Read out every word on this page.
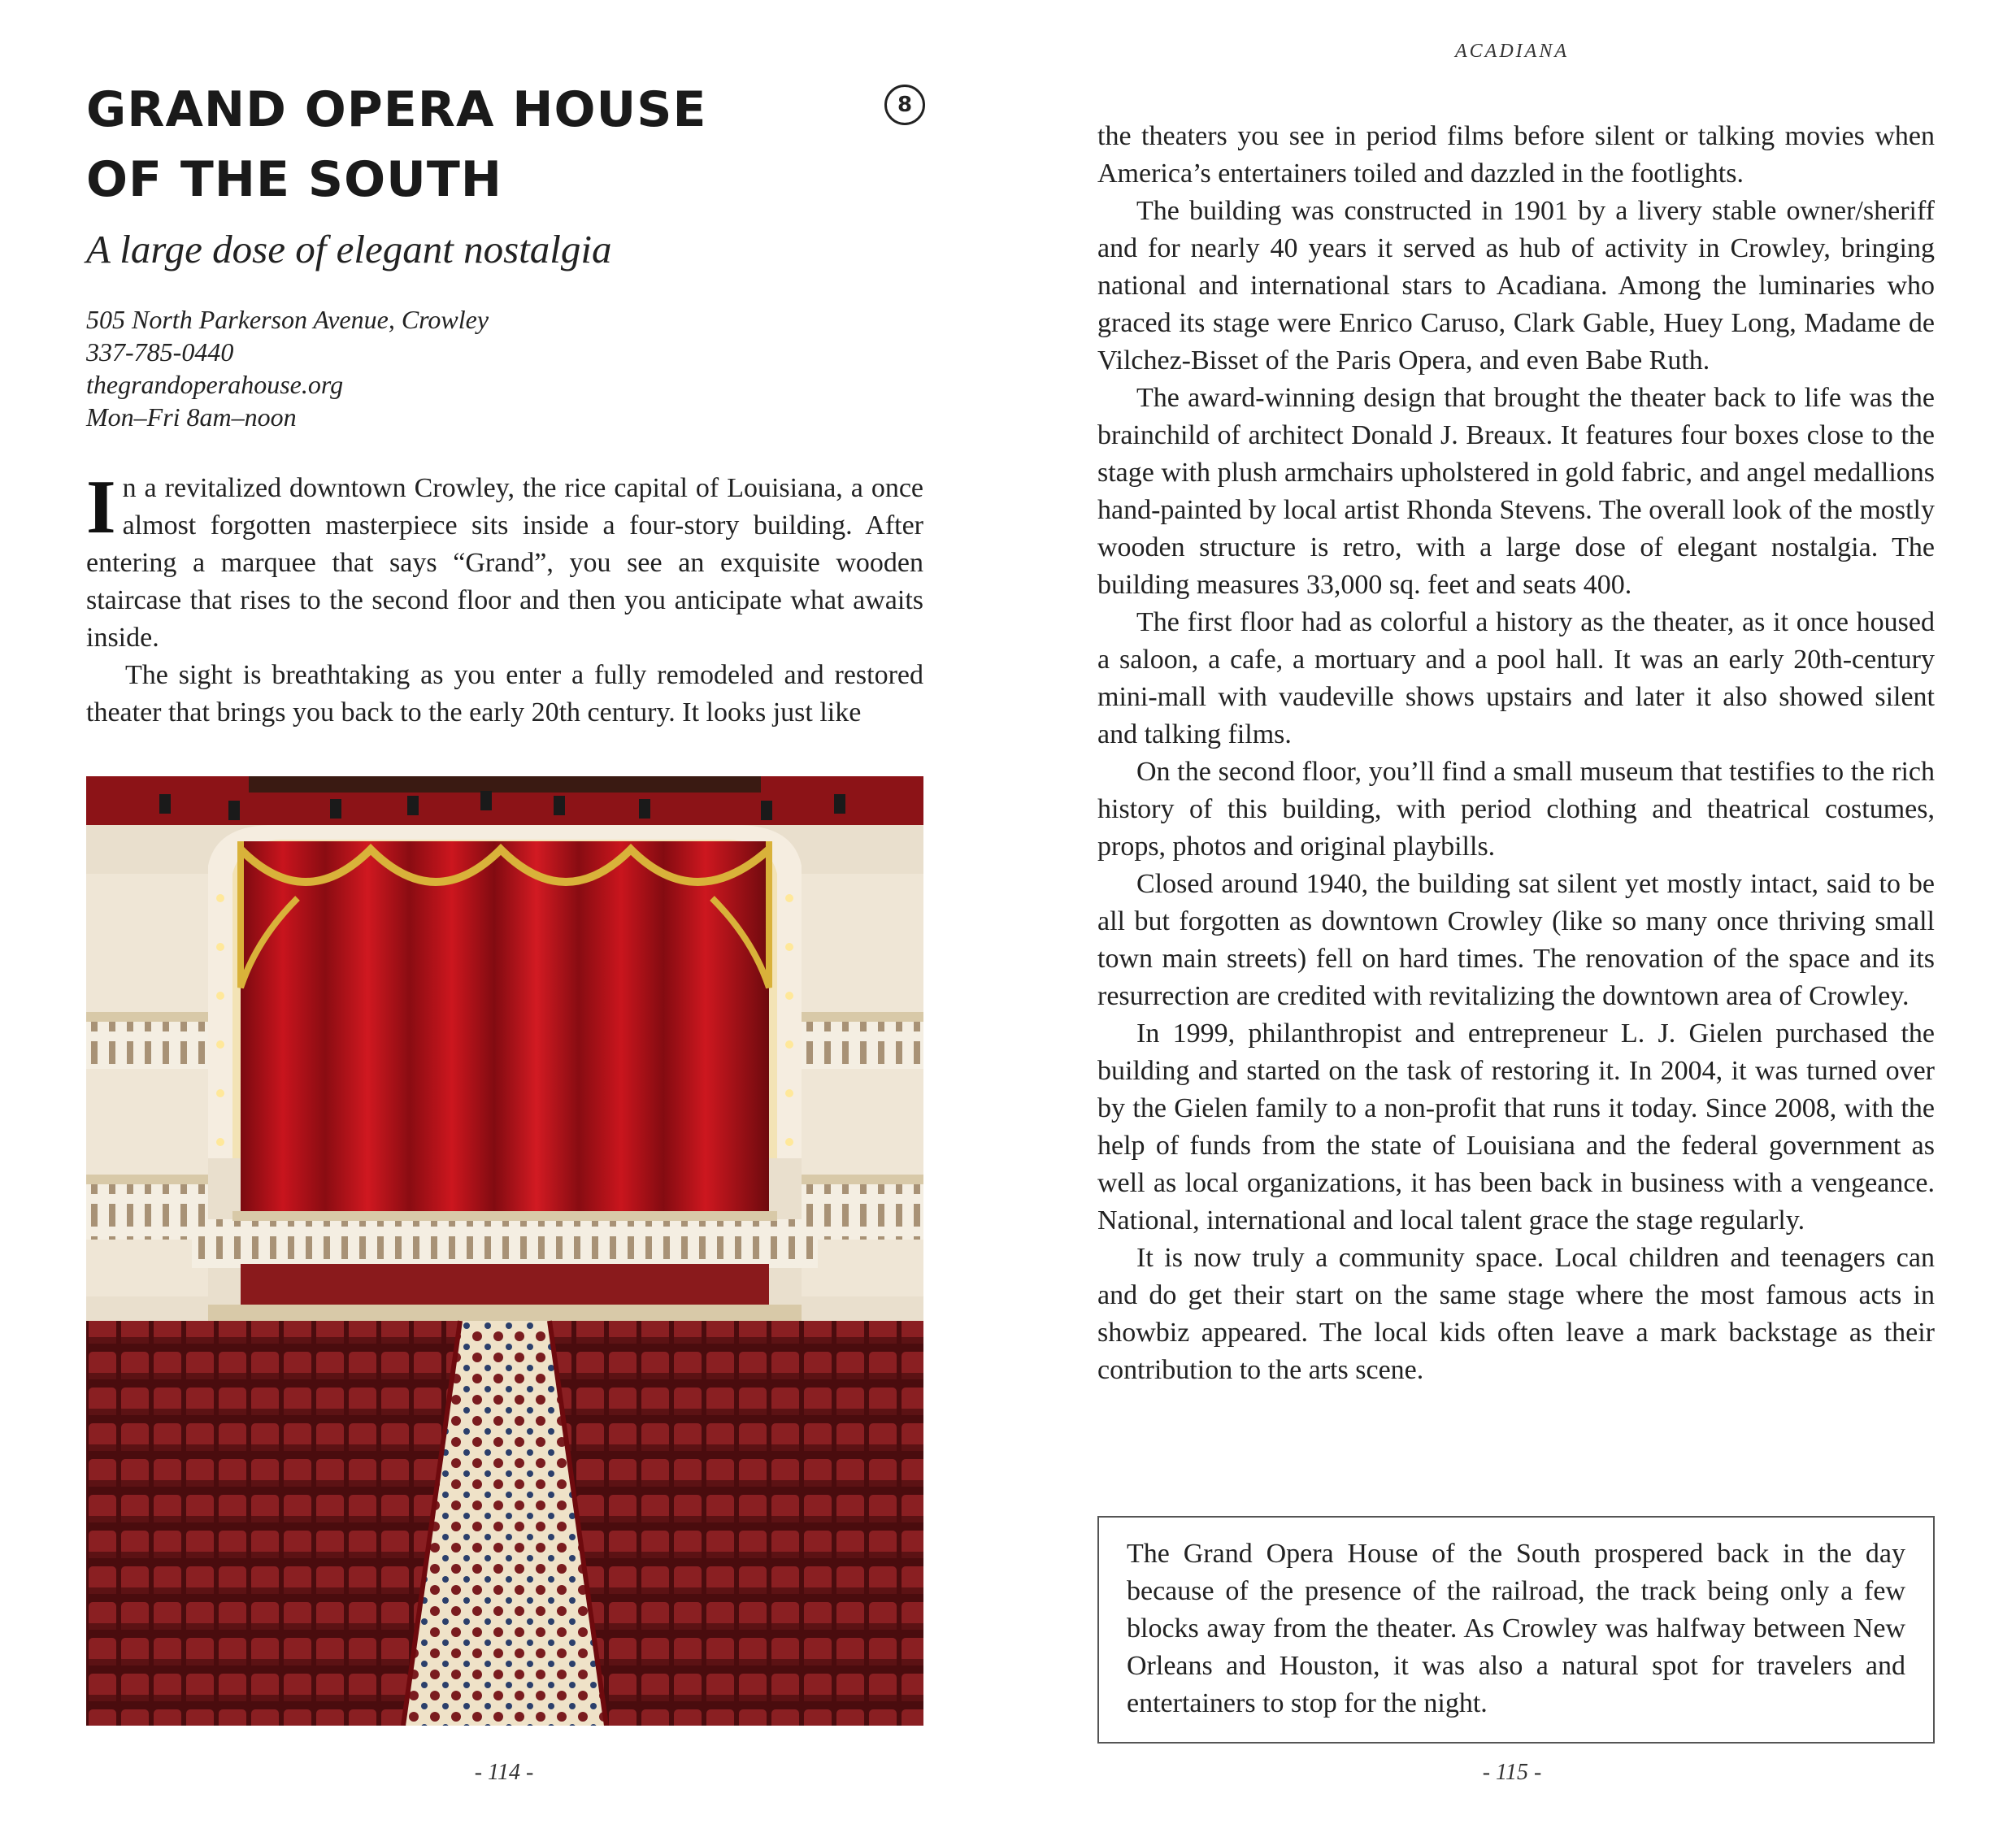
GRAND OPERA HOUSE
OF THE SOUTH
8
A large dose of elegant nostalgia
505 North Parkerson Avenue, Crowley
337-785-0440
thegrandoperahouse.org
Mon–Fri 8am–noon

In a revitalized downtown Crowley, the rice capital of Louisiana, a once almost forgotten masterpiece sits inside a four-story building. After entering a marquee that says “Grand”, you see an exquisite wooden staircase that rises to the second floor and then you anticipate what awaits inside.

The sight is breathtaking as you enter a fully remodeled and restored theater that brings you back to the early 20th century. It looks just like

- 114 -
ACADIANA

the theaters you see in period films before silent or talking movies when America’s entertainers toiled and dazzled in the footlights.

The building was constructed in 1901 by a livery stable owner/sheriff and for nearly 40 years it served as hub of activity in Crowley, bringing national and international stars to Acadiana. Among the luminaries who graced its stage were Enrico Caruso, Clark Gable, Huey Long, Madame de Vilchez-Bisset of the Paris Opera, and even Babe Ruth.

The award-winning design that brought the theater back to life was the brainchild of architect Donald J. Breaux. It features four boxes close to the stage with plush armchairs upholstered in gold fabric, and angel medallions hand-painted by local artist Rhonda Stevens. The overall look of the mostly wooden structure is retro, with a large dose of elegant nostalgia. The building measures 33,000 sq. feet and seats 400.

The first floor had as colorful a history as the theater, as it once housed a saloon, a cafe, a mortuary and a pool hall. It was an early 20th-century mini-mall with vaudeville shows upstairs and later it also showed silent and talking films.

On the second floor, you’ll find a small museum that testifies to the rich history of this building, with period clothing and theatrical costumes, props, photos and original playbills.

Closed around 1940, the building sat silent yet mostly intact, said to be all but forgotten as downtown Crowley (like so many once thriving small town main streets) fell on hard times. The renovation of the space and its resurrection are credited with revitalizing the downtown area of Crowley.

In 1999, philanthropist and entrepreneur L. J. Gielen purchased the building and started on the task of restoring it. In 2004, it was turned over by the Gielen family to a non-profit that runs it today. Since 2008, with the help of funds from the state of Louisiana and the federal government as well as local organizations, it has been back in business with a vengeance. National, international and local talent grace the stage regularly.

It is now truly a community space. Local children and teenagers can and do get their start on the same stage where the most famous acts in showbiz appeared. The local kids often leave a mark backstage as their contribution to the arts scene.

The Grand Opera House of the South prospered back in the day because of the presence of the railroad, the track being only a few blocks away from the theater. As Crowley was halfway between New Orleans and Houston, it was also a natural spot for travelers and entertainers to stop for the night.
- 115 -
